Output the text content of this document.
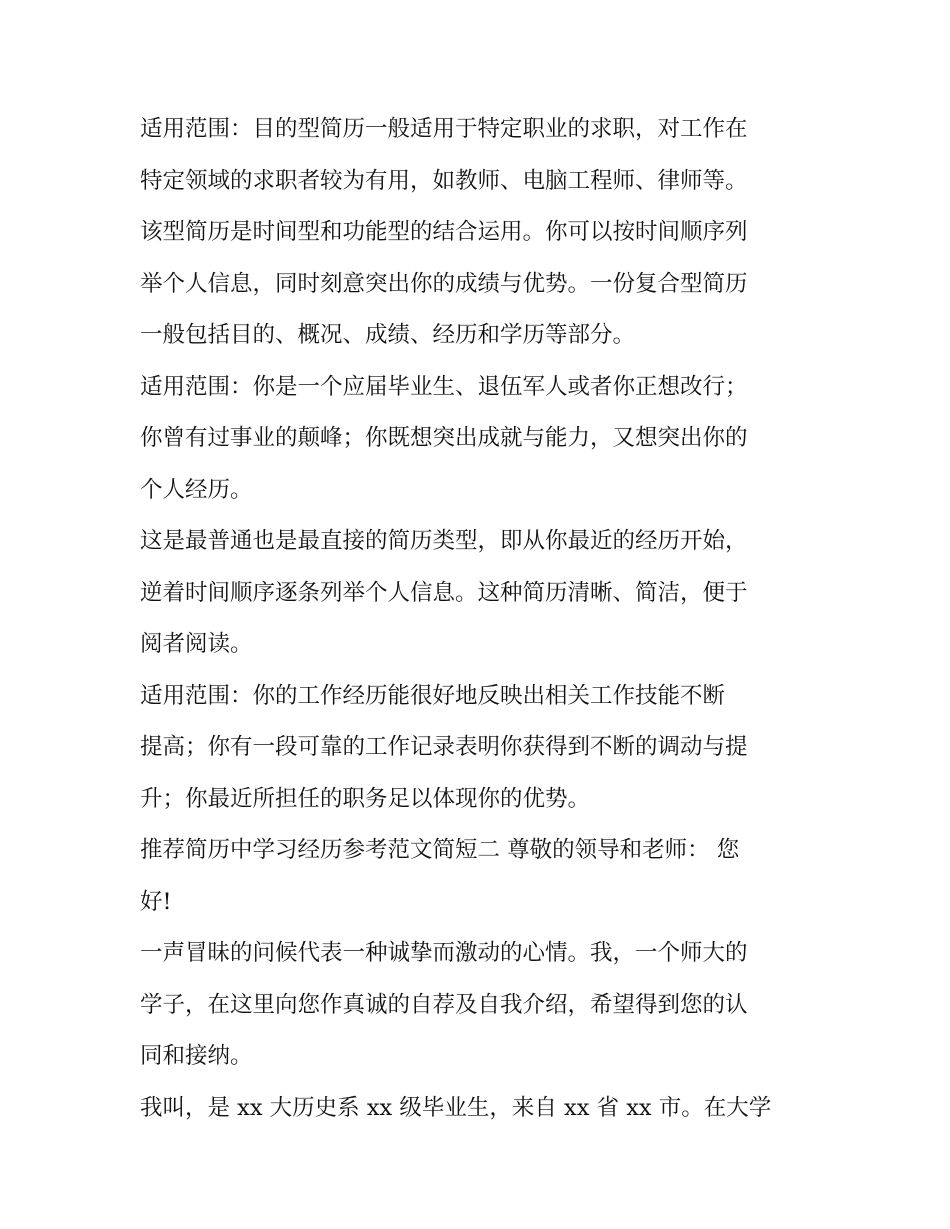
适用范围：目的型简历一般适用于特定职业的求职，对工作在
特定领域的求职者较为有用，如教师、电脑工程师、律师等。
该型简历是时间型和功能型的结合运用。你可以按时间顺序列
举个人信息，同时刻意突出你的成绩与优势。一份复合型简历
一般包括目的、概况、成绩、经历和学历等部分。
适用范围：你是一个应届毕业生、退伍军人或者你正想改行；
你曾有过事业的颠峰；你既想突出成就与能力，又想突出你的
个人经历。
这是最普通也是最直接的简历类型，即从你最近的经历开始，
逆着时间顺序逐条列举个人信息。这种简历清晰、简洁，便于
阅者阅读。
适用范围：你的工作经历能很好地反映出相关工作技能不断
提高；你有一段可靠的工作记录表明你获得到不断的调动与提
升；你最近所担任的职务足以体现你的优势。
推荐简历中学习经历参考范文简短二 尊敬的领导和老师： 您
好!
一声冒昧的问候代表一种诚挚而激动的心情。我，一个师大的
学子，在这里向您作真诚的自荐及自我介绍，希望得到您的认
同和接纳。
我叫，是 xx 大历史系 xx 级毕业生，来自 xx 省 xx 市。在大学
